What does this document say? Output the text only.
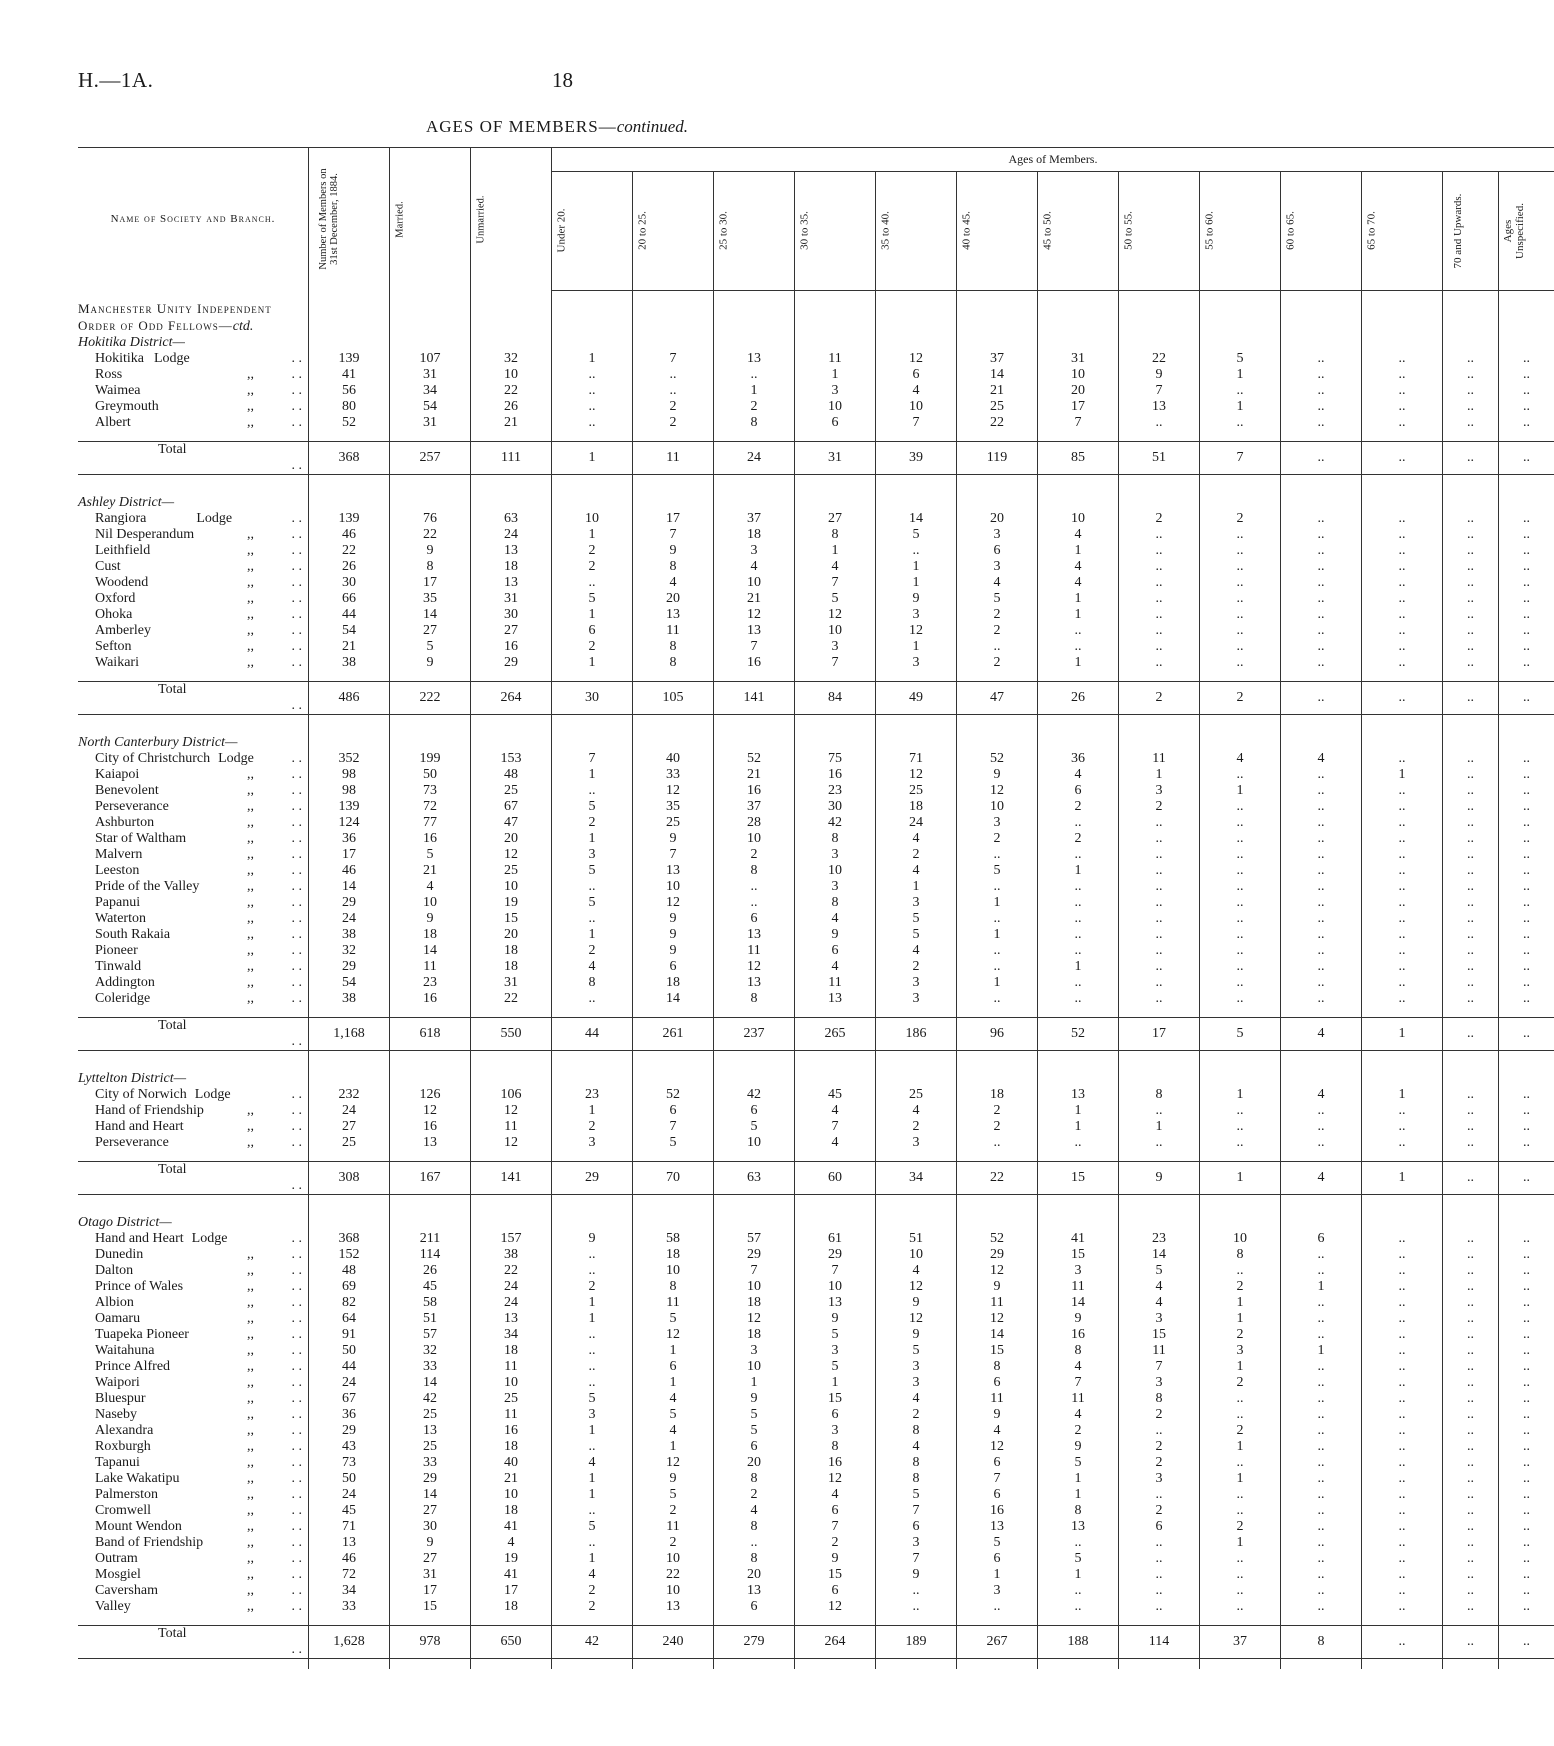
H.—1A.	18
AGES OF MEMBERS—continued.
Name of Society and Branch.	Number of Members on 31st December, 1884.	Married.	Unmarried.	Ages of Members.												

				Under 20.	20 to 25.	25 to 30.	30 to 35.	35 to 40.	40 to 45.	45 to 50.	50 to 55.	55 to 60.	60 to 65.	65 to 70.	70 and Upwards.	Ages Unspecified.

Manchester Unity Independent																
Order of Odd Fellows—ctd.																
Hokitika District—																
Hokitika Lodge . .	139	107	32	1	7	13	11	12	37	31	22	5	..	..	..	..
Ross ,, . .	41	31	10	..	..	..	1	6	14	10	9	1	..	..	..	..
Waimea ,, . .	56	34	22	..	..	1	3	4	21	20	7	..	..	..	..	..
Greymouth ,, . .	80	54	26	..	2	2	10	10	25	17	13	1	..	..	..	..
Albert ,, . .	52	31	21	..	2	8	6	7	22	7	..	..	..	..	..	..

Total
. .	368	257	111	1	11	24	31	39	119	85	51	7	..	..	..	..

Ashley District—																
Rangiora Lodge . .	139	76	63	10	17	37	27	14	20	10	2	2	..	..	..	..
Nil Desperandum ,, . .	46	22	24	1	7	18	8	5	3	4	..	..	..	..	..	..
Leithfield ,, . .	22	9	13	2	9	3	1	..	6	1	..	..	..	..	..	..
Cust ,, . .	26	8	18	2	8	4	4	1	3	4	..	..	..	..	..	..
Woodend ,, . .	30	17	13	..	4	10	7	1	4	4	..	..	..	..	..	..
Oxford ,, . .	66	35	31	5	20	21	5	9	5	1	..	..	..	..	..	..
Ohoka ,, . .	44	14	30	1	13	12	12	3	2	1	..	..	..	..	..	..
Amberley ,, . .	54	27	27	6	11	13	10	12	2	..	..	..	..	..	..	..
Sefton ,, . .	21	5	16	2	8	7	3	1	..	..	..	..	..	..	..	..
Waikari ,, . .	38	9	29	1	8	16	7	3	2	1	..	..	..	..	..	..

Total
. .	486	222	264	30	105	141	84	49	47	26	2	2	..	..	..	..

North Canterbury District—																
City of Christchurch Lodge . .	352	199	153	7	40	52	75	71	52	36	11	4	4	..	..	..
Kaiapoi ,, . .	98	50	48	1	33	21	16	12	9	4	1	..	..	1	..	..
Benevolent ,, . .	98	73	25	..	12	16	23	25	12	6	3	1	..	..	..	..
Perseverance ,, . .	139	72	67	5	35	37	30	18	10	2	2	..	..	..	..	..
Ashburton ,, . .	124	77	47	2	25	28	42	24	3	..	..	..	..	..	..	..
Star of Waltham ,, . .	36	16	20	1	9	10	8	4	2	2	..	..	..	..	..	..
Malvern ,, . .	17	5	12	3	7	2	3	2	..	..	..	..	..	..	..	..
Leeston ,, . .	46	21	25	5	13	8	10	4	5	1	..	..	..	..	..	..
Pride of the Valley ,, . .	14	4	10	..	10	..	3	1	..	..	..	..	..	..	..	..
Papanui ,, . .	29	10	19	5	12	..	8	3	1	..	..	..	..	..	..	..
Waterton ,, . .	24	9	15	..	9	6	4	5	..	..	..	..	..	..	..	..
South Rakaia ,, . .	38	18	20	1	9	13	9	5	1	..	..	..	..	..	..	..
Pioneer ,, . .	32	14	18	2	9	11	6	4	..	..	..	..	..	..	..	..
Tinwald ,, . .	29	11	18	4	6	12	4	2	..	1	..	..	..	..	..	..
Addington ,, . .	54	23	31	8	18	13	11	3	1	..	..	..	..	..	..	..
Coleridge ,, . .	38	16	22	..	14	8	13	3	..	..	..	..	..	..	..	..

Total
. .	1,168	618	550	44	261	237	265	186	96	52	17	5	4	1	..	..

Lyttelton District—																
City of Norwich Lodge . .	232	126	106	23	52	42	45	25	18	13	8	1	4	1	..	..
Hand of Friendship ,, . .	24	12	12	1	6	6	4	4	2	1	..	..	..	..	..	..
Hand and Heart ,, . .	27	16	11	2	7	5	7	2	2	1	1	..	..	..	..	..
Perseverance ,, . .	25	13	12	3	5	10	4	3	..	..	..	..	..	..	..	..

Total
. .	308	167	141	29	70	63	60	34	22	15	9	1	4	1	..	..

Otago District—																
Hand and Heart Lodge . .	368	211	157	9	58	57	61	51	52	41	23	10	6	..	..	..
Dunedin ,, . .	152	114	38	..	18	29	29	10	29	15	14	8	..	..	..	..
Dalton ,, . .	48	26	22	..	10	7	7	4	12	3	5	..	..	..	..	..
Prince of Wales ,, . .	69	45	24	2	8	10	10	12	9	11	4	2	1	..	..	..
Albion ,, . .	82	58	24	1	11	18	13	9	11	14	4	1	..	..	..	..
Oamaru ,, . .	64	51	13	1	5	12	9	12	12	9	3	1	..	..	..	..
Tuapeka Pioneer ,, . .	91	57	34	..	12	18	5	9	14	16	15	2	..	..	..	..
Waitahuna ,, . .	50	32	18	..	1	3	3	5	15	8	11	3	1	..	..	..
Prince Alfred ,, . .	44	33	11	..	6	10	5	3	8	4	7	1	..	..	..	..
Waipori ,, . .	24	14	10	..	1	1	1	3	6	7	3	2	..	..	..	..
Bluespur ,, . .	67	42	25	5	4	9	15	4	11	11	8	..	..	..	..	..
Naseby ,, . .	36	25	11	3	5	5	6	2	9	4	2	..	..	..	..	..
Alexandra ,, . .	29	13	16	1	4	5	3	8	4	2	..	2	..	..	..	..
Roxburgh ,, . .	43	25	18	..	1	6	8	4	12	9	2	1	..	..	..	..
Tapanui ,, . .	73	33	40	4	12	20	16	8	6	5	2	..	..	..	..	..
Lake Wakatipu ,, . .	50	29	21	1	9	8	12	8	7	1	3	1	..	..	..	..
Palmerston ,, . .	24	14	10	1	5	2	4	5	6	1	..	..	..	..	..	..
Cromwell ,, . .	45	27	18	..	2	4	6	7	16	8	2	..	..	..	..	..
Mount Wendon ,, . .	71	30	41	5	11	8	7	6	13	13	6	2	..	..	..	..
Band of Friendship ,, . .	13	9	4	..	2	..	2	3	5	..	..	1	..	..	..	..
Outram ,, . .	46	27	19	1	10	8	9	7	6	5	..	..	..	..	..	..
Mosgiel ,, . .	72	31	41	4	22	20	15	9	1	1	..	..	..	..	..	..
Caversham ,, . .	34	17	17	2	10	13	6	..	3	..	..	..	..	..	..	..
Valley ,, . .	33	15	18	2	13	6	12	..	..	..	..	..	..	..	..	..

Total
. .	1,628	978	650	42	240	279	264	189	267	188	114	37	8	..	..	..
